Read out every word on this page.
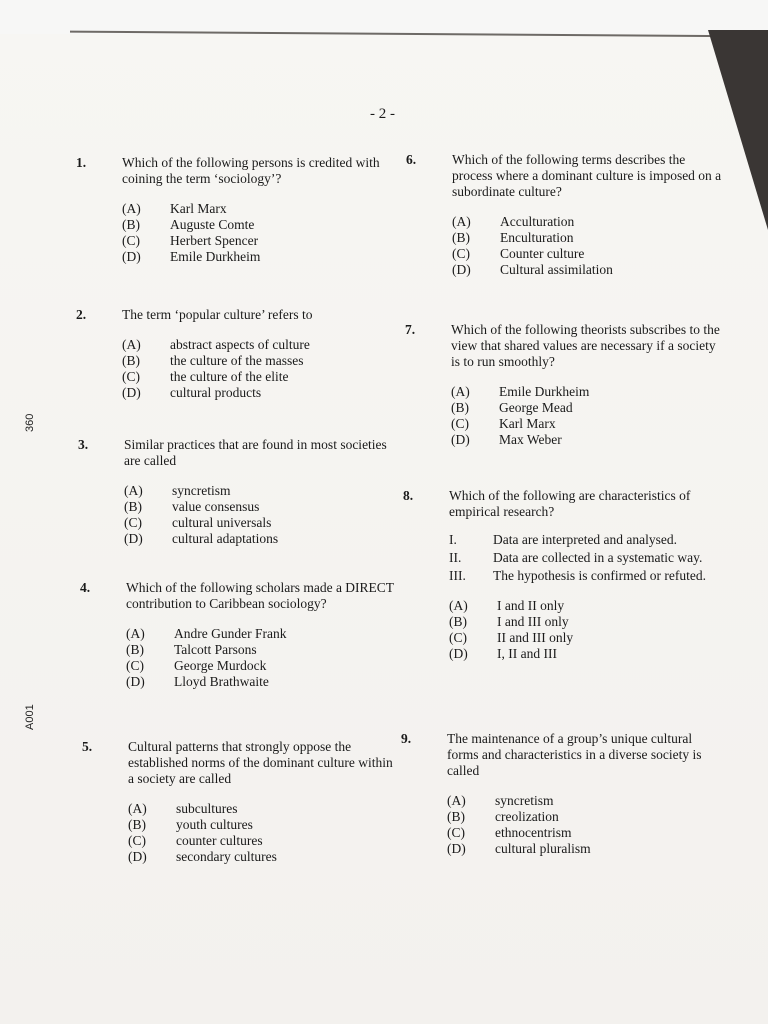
- 2 -
360
A001
1.	Which of the following persons is credited with coining the term ‘sociology’?
(A)	Karl Marx
(B)	Auguste Comte
(C)	Herbert Spencer
(D)	Emile Durkheim
2.	The term ‘popular culture’ refers to
(A)	abstract aspects of culture
(B)	the culture of the masses
(C)	the culture of the elite
(D)	cultural products
3.	Similar practices that are found in most societies are called
(A)	syncretism
(B)	value consensus
(C)	cultural universals
(D)	cultural adaptations
4.	Which of the following scholars made a DIRECT contribution to Caribbean sociology?
(A)	Andre Gunder Frank
(B)	Talcott Parsons
(C)	George Murdock
(D)	Lloyd Brathwaite
5.	Cultural patterns that strongly oppose the established norms of the dominant culture within a society are called
(A)	subcultures
(B)	youth cultures
(C)	counter cultures
(D)	secondary cultures
6.	Which of the following terms describes the process where a dominant culture is imposed on a subordinate culture?
(A)	Acculturation
(B)	Enculturation
(C)	Counter culture
(D)	Cultural assimilation
7.	Which of the following theorists subscribes to the view that shared values are necessary if a society is to run smoothly?
(A)	Emile Durkheim
(B)	George Mead
(C)	Karl Marx
(D)	Max Weber
8.	Which of the following are characteristics of empirical research?
I.	Data are interpreted and analysed.
II.	Data are collected in a systematic way.
III.	The hypothesis is confirmed or refuted.
(A)	I and II only
(B)	I and III only
(C)	II and III only
(D)	I, II and III
9.	The maintenance of a group’s unique cultural forms and characteristics in a diverse society is called
(A)	syncretism
(B)	creolization
(C)	ethnocentrism
(D)	cultural pluralism
